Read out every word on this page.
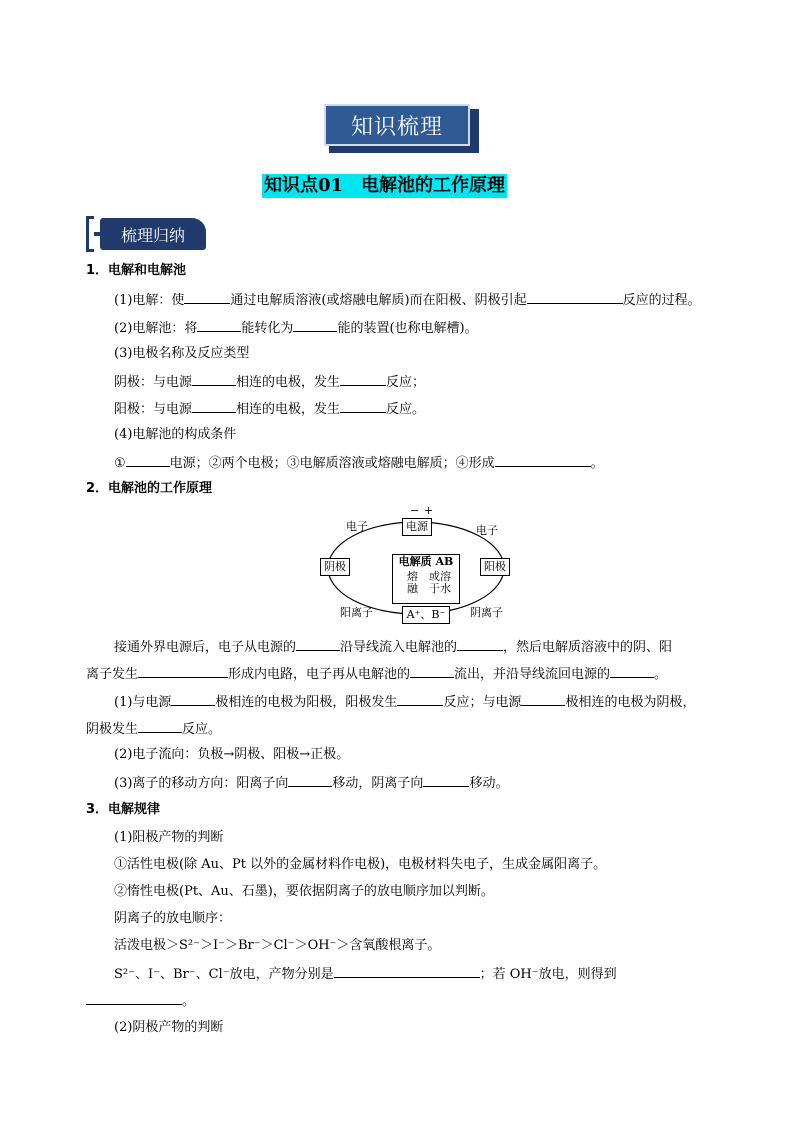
知识梳理
知识点01　电解池的工作原理
梳理归纳
1．电解和电解池
(1)电解：使	通过电解质溶液(或熔融电解质)而在阳极、阴极引起	反应的过程。
(2)电解池：将	能转化为	能的装置(也称电解槽)。
(3)电极名称及反应类型
阴极：与电源	相连的电极，发生	反应；
阳极：与电源	相连的电极，发生	反应。
(4)电解池的构成条件
①	电源；②两个电极；③电解质溶液或熔融电解质；④形成	。
2．电解池的工作原理
电源
− +
阴极	阳极
电解质 AB
熔
融
或溶
于水
A⁺、B⁻
电子	电子
阳离子	阴离子
接通外界电源后，电子从电源的	沿导线流入电解池的	，然后电解质溶液中的阴、阳
离子发生	形成内电路，电子再从电解池的	流出，并沿导线流回电源的	。
(1)与电源	极相连的电极为阳极，阳极发生	反应；与电源	极相连的电极为阴极，
阴极发生	反应。
(2)电子流向：负极→阴极、阳极→正极。
(3)离子的移动方向：阳离子向	移动，阴离子向	移动。
3．电解规律
(1)阳极产物的判断
①活性电极(除 Au、Pt 以外的金属材料作电极)，电极材料失电子，生成金属阳离子。
②惰性电极(Pt、Au、石墨)，要依据阴离子的放电顺序加以判断。
阴离子的放电顺序：
活泼电极＞S²⁻＞I⁻＞Br⁻＞Cl⁻＞OH⁻＞含氧酸根离子。
S²⁻、I⁻、Br⁻、Cl⁻放电，产物分别是	；若 OH⁻放电，则得到
。
(2)阴极产物的判断
